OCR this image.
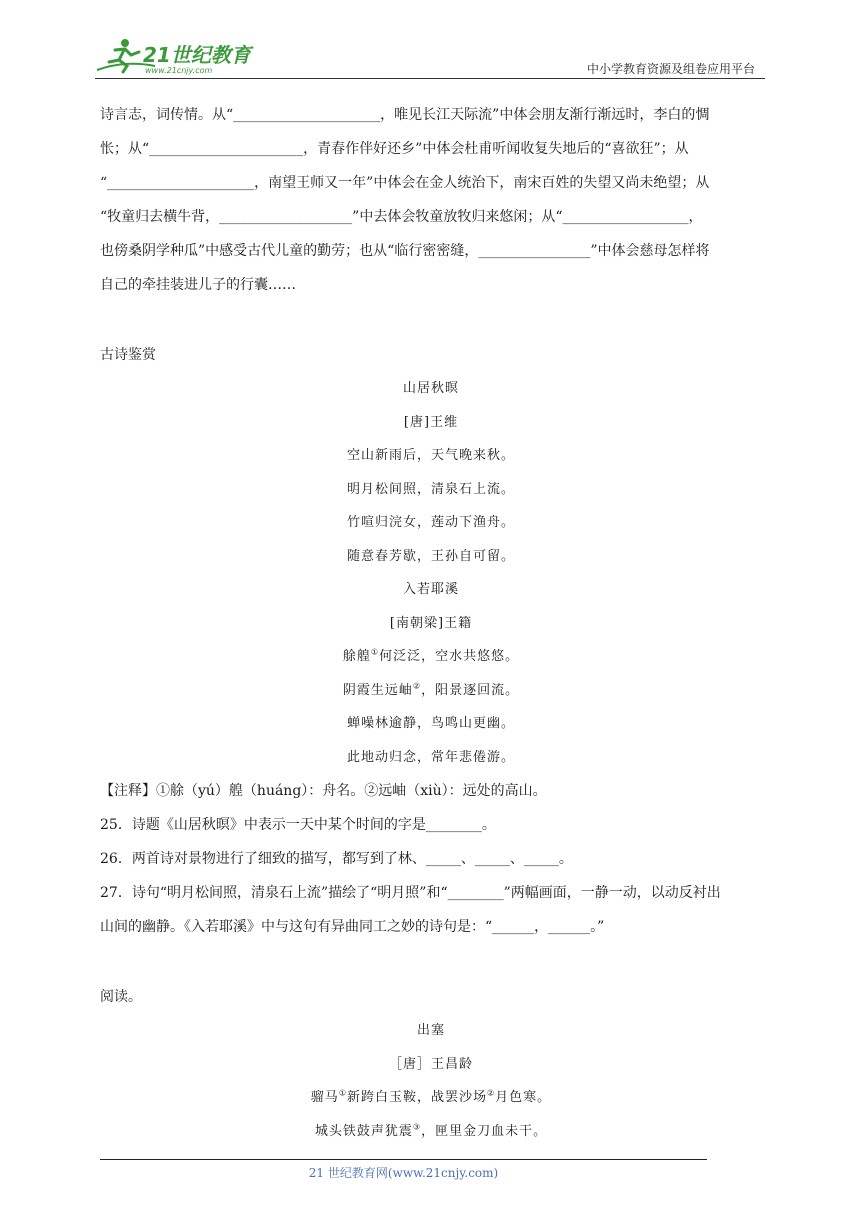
21世纪教育
www.21cnjy.com	中小学教育资源及组卷应用平台

诗言志，词传情。从“_____________________，唯见长江天际流”中体会朋友渐行渐远时，李白的惆

怅；从“______________________，青春作伴好还乡”中体会杜甫听闻收复失地后的“喜欲狂”；从

“_____________________，南望王师又一年”中体会在金人统治下，南宋百姓的失望又尚未绝望；从

“牧童归去横牛背，___________________”中去体会牧童放牧归来悠闲；从“__________________，

也傍桑阴学种瓜”中感受古代儿童的勤劳；也从“临行密密缝，________________”中体会慈母怎样将

自己的牵挂装进儿子的行囊……

古诗鉴赏
山居秋暝
[唐]王维
空山新雨后，天气晚来秋。
明月松间照，清泉石上流。
竹喧归浣女，莲动下渔舟。
随意春芳歇，王孙自可留。
入若耶溪
[南朝梁]王籍
艅艎①何泛泛，空水共悠悠。
阴霞生远岫②，阳景逐回流。
蝉噪林逾静，鸟鸣山更幽。
此地动归念，常年悲倦游。

【注释】①艅（yú）艎（huáng）：舟名。②远岫（xiù）：远处的高山。

25．诗题《山居秋暝》中表示一天中某个时间的字是________。

26．两首诗对景物进行了细致的描写，都写到了林、_____、_____、_____。

27．诗句“明月松间照，清泉石上流”描绘了“明月照”和“________”两幅画面，一静一动，以动反衬出

山间的幽静。《入若耶溪》中与这句有异曲同工之妙的诗句是：“______，______。”

阅读。
出塞
［唐］王昌龄
骝马①新跨白玉鞍，战罢沙场②月色寒。
城头铁鼓声犹震③，匣里金刀血未干。
21 世纪教育网(www.21cnjy.com)
